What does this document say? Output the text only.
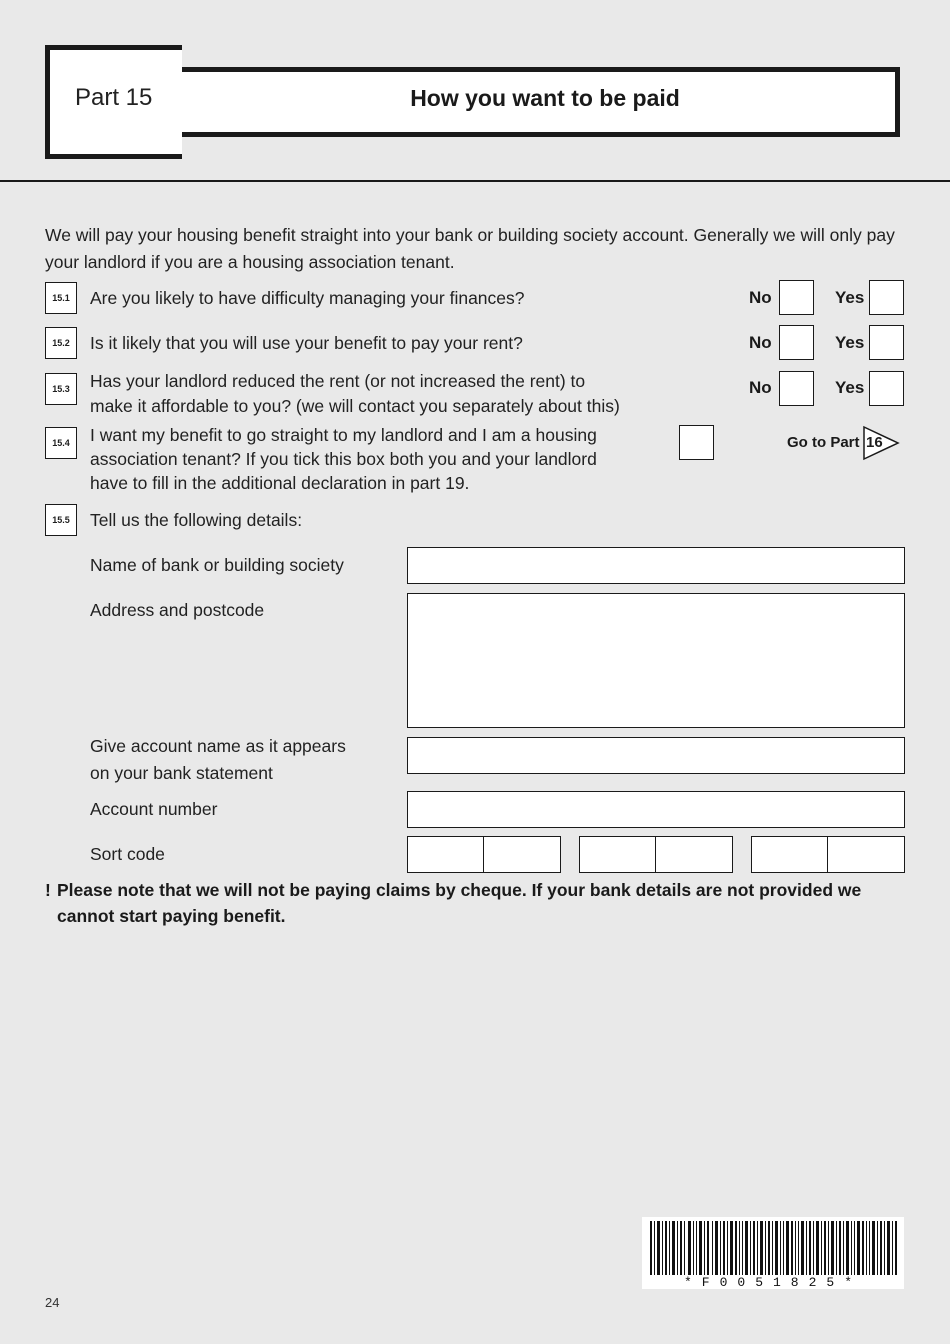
Part 15	How you want to be paid
We will pay your housing benefit straight into your bank or building society account. Generally we will only pay your landlord if you are a housing association tenant.
15.1	Are you likely to have difficulty managing your finances?	No	Yes
15.2	Is it likely that you will use your benefit to pay your rent?	No	Yes
15.3	Has your landlord reduced the rent (or not increased the rent) to
make it affordable to you? (we will contact you separately about this)
No	Yes
15.4	I want my benefit to go straight to my landlord and I am a housing
association tenant? If you tick this box both you and your landlord
have to fill in the additional declaration in part 19.
Go to Part 16
15.5	Tell us the following details:
Name of bank or building society
Address and postcode
Give account name as it appears
on your bank statement
Account number
Sort code
! Please note that we will not be paying claims by cheque. If your bank details are not provided we cannot start paying benefit.
*F0051825*
24
